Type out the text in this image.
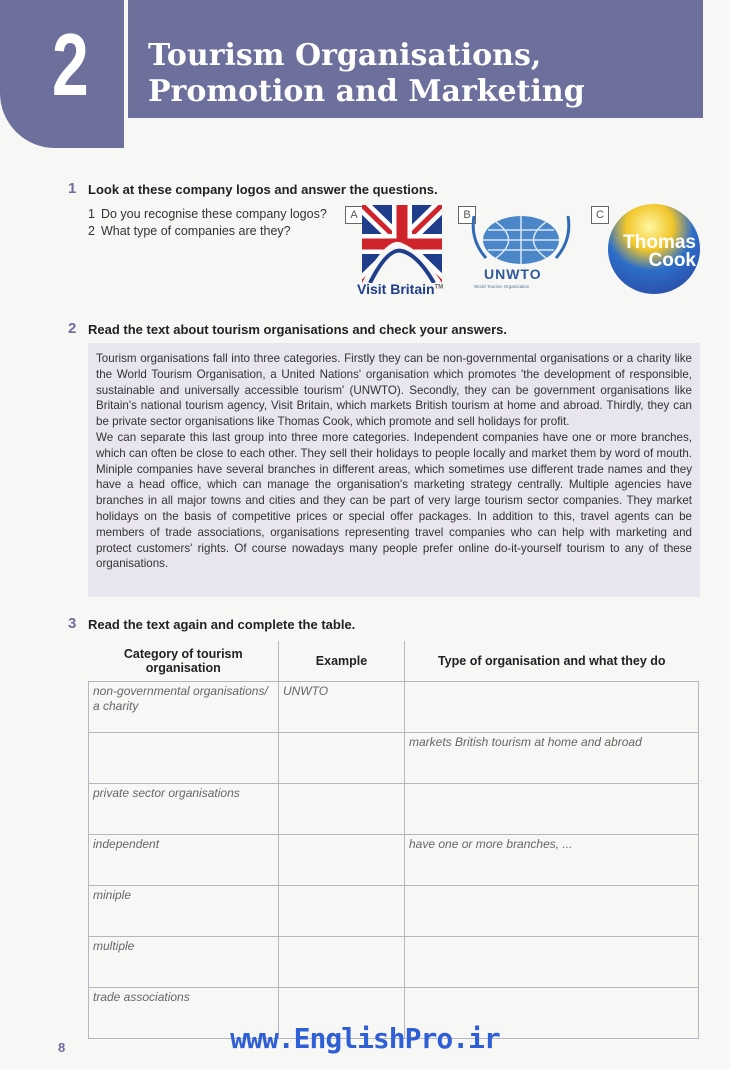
2 Tourism Organisations,
Promotion and Marketing
1 Look at these company logos and answer the questions.
1 Do you recognise these company logos?
2 What type of companies are they?
A
Visit Britain™
B
UNWTO
World Tourism Organization
C
Thomas
Cook
2 Read the text about tourism organisations and check your answers.

Tourism organisations fall into three categories. Firstly they can be non-governmental organisations or a charity like the World Tourism Organisation, a United Nations' organisation which promotes 'the development of responsible, sustainable and universally accessible tourism' (UNWTO). Secondly, they can be government organisations like Britain's national tourism agency, Visit Britain, which markets British tourism at home and abroad. Thirdly, they can be private sector organisations like Thomas Cook, which promote and sell holidays for profit.

We can separate this last group into three more categories. Independent companies have one or more branches, which can often be close to each other. They sell their holidays to people locally and market them by word of mouth. Miniple companies have several branches in different areas, which sometimes use different trade names and they have a head office, which can manage the organisation's marketing strategy centrally. Multiple agencies have branches in all major towns and cities and they can be part of very large tourism sector companies. They market holidays on the basis of competitive prices or special offer packages. In addition to this, travel agents can be members of trade associations, organisations representing travel companies who can help with marketing and protect customers' rights. Of course nowadays many people prefer online do-it-yourself tourism to any of these organisations.

3 Read the text again and complete the table.
Category of tourism organisation	Example	Type of organisation and what they do
non-governmental organisations/ a charity	UNWTO	
		markets British tourism at home and abroad
private sector organisations		
independent		have one or more branches, ...
miniple		
multiple		
trade associations		
8	www.EnglishPro.ir
